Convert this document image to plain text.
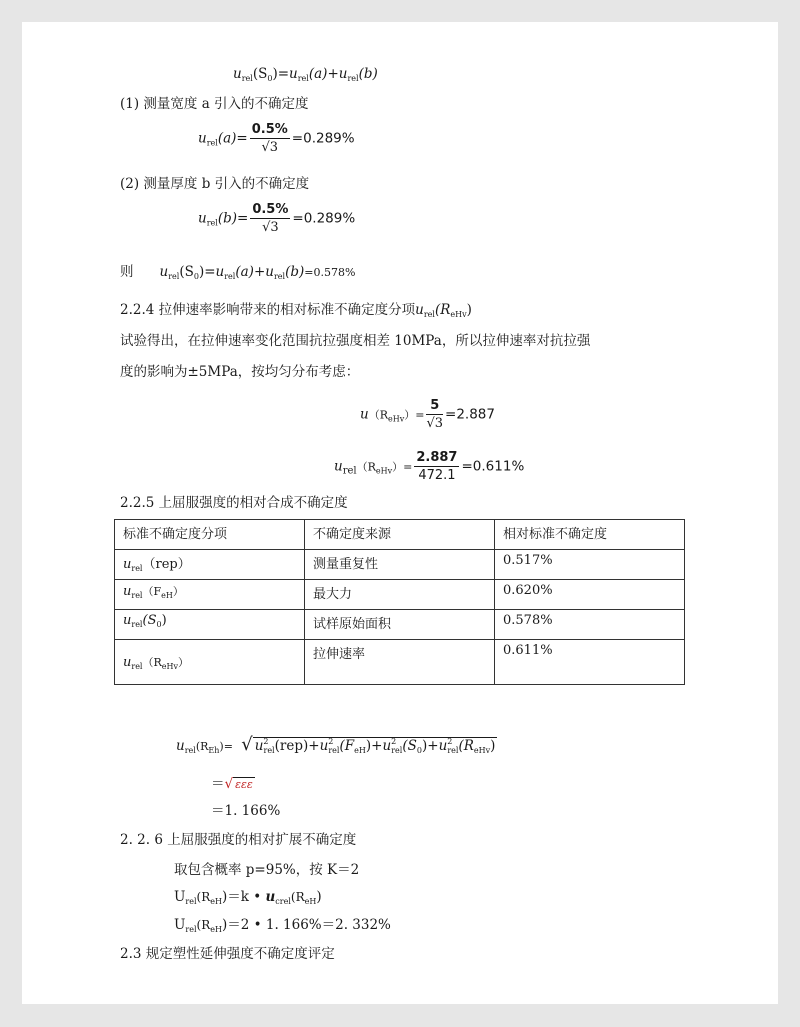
$u_{rel}(S_0)=u_{rel}(a)+u_{rel}(b)$
(1) 测量宽度 a 引入的不确定度
$u_{rel}(a)= \frac{0.5\%}{√3} =0.289\%$
(2) 测量厚度 b 引入的不确定度
$u_{rel}(b)= \frac{0.5\%}{√3} =0.289\%$
则 $u_{rel}(S_0)=u_{rel}(a)+u_{rel}(b)=0.578\%$
2.2.4 拉伸速率影响带来的相对标准不确定度分项$u_{rel}(R_{eHv})$
试验得出，在拉伸速率变化范围抗拉强度相差 10MPa，所以拉伸速率对抗拉强
度的影响为±5MPa，按均匀分布考虑：
$u(R_{eHv})= \frac{5}{√3} =2.887$
$u_{rel}(R_{eHv})= \frac{2.887}{472.1} =0.611\%$
2.2.5 上屈服强度的相对合成不确定度
标准不确定度分项	不确定度来源	相对标准不确定度
$u_{rel}(rep)$	测量重复性	0.517%
$u_{rel}(F_{eH})$	最大力	0.620%
$u_{rel}(S_0)$	试样原始面积	0.578%
$u_{rel}(R_{eHv})$	拉伸速率	0.611%
$u_{rel}(R_{Eh})=$ √ $u^2_{rel}(rep)+u^2_{rel}(F_{eH})+u^2_{rel}(S_0)+u^2_{rel}(R_{eHv})$
＝√ εεε
＝1. 166%
2. 2. 6 上屈服强度的相对扩展不确定度
取包含概率 p=95%，按 K＝2
$U_{rel}(R_{eH})=k$ • $u_{crel}(R_{eH})$
$U_{rel}(R_{eH})=2$ • 1. 166%＝2. 332%
2.3 规定塑性延伸强度不确定度评定
